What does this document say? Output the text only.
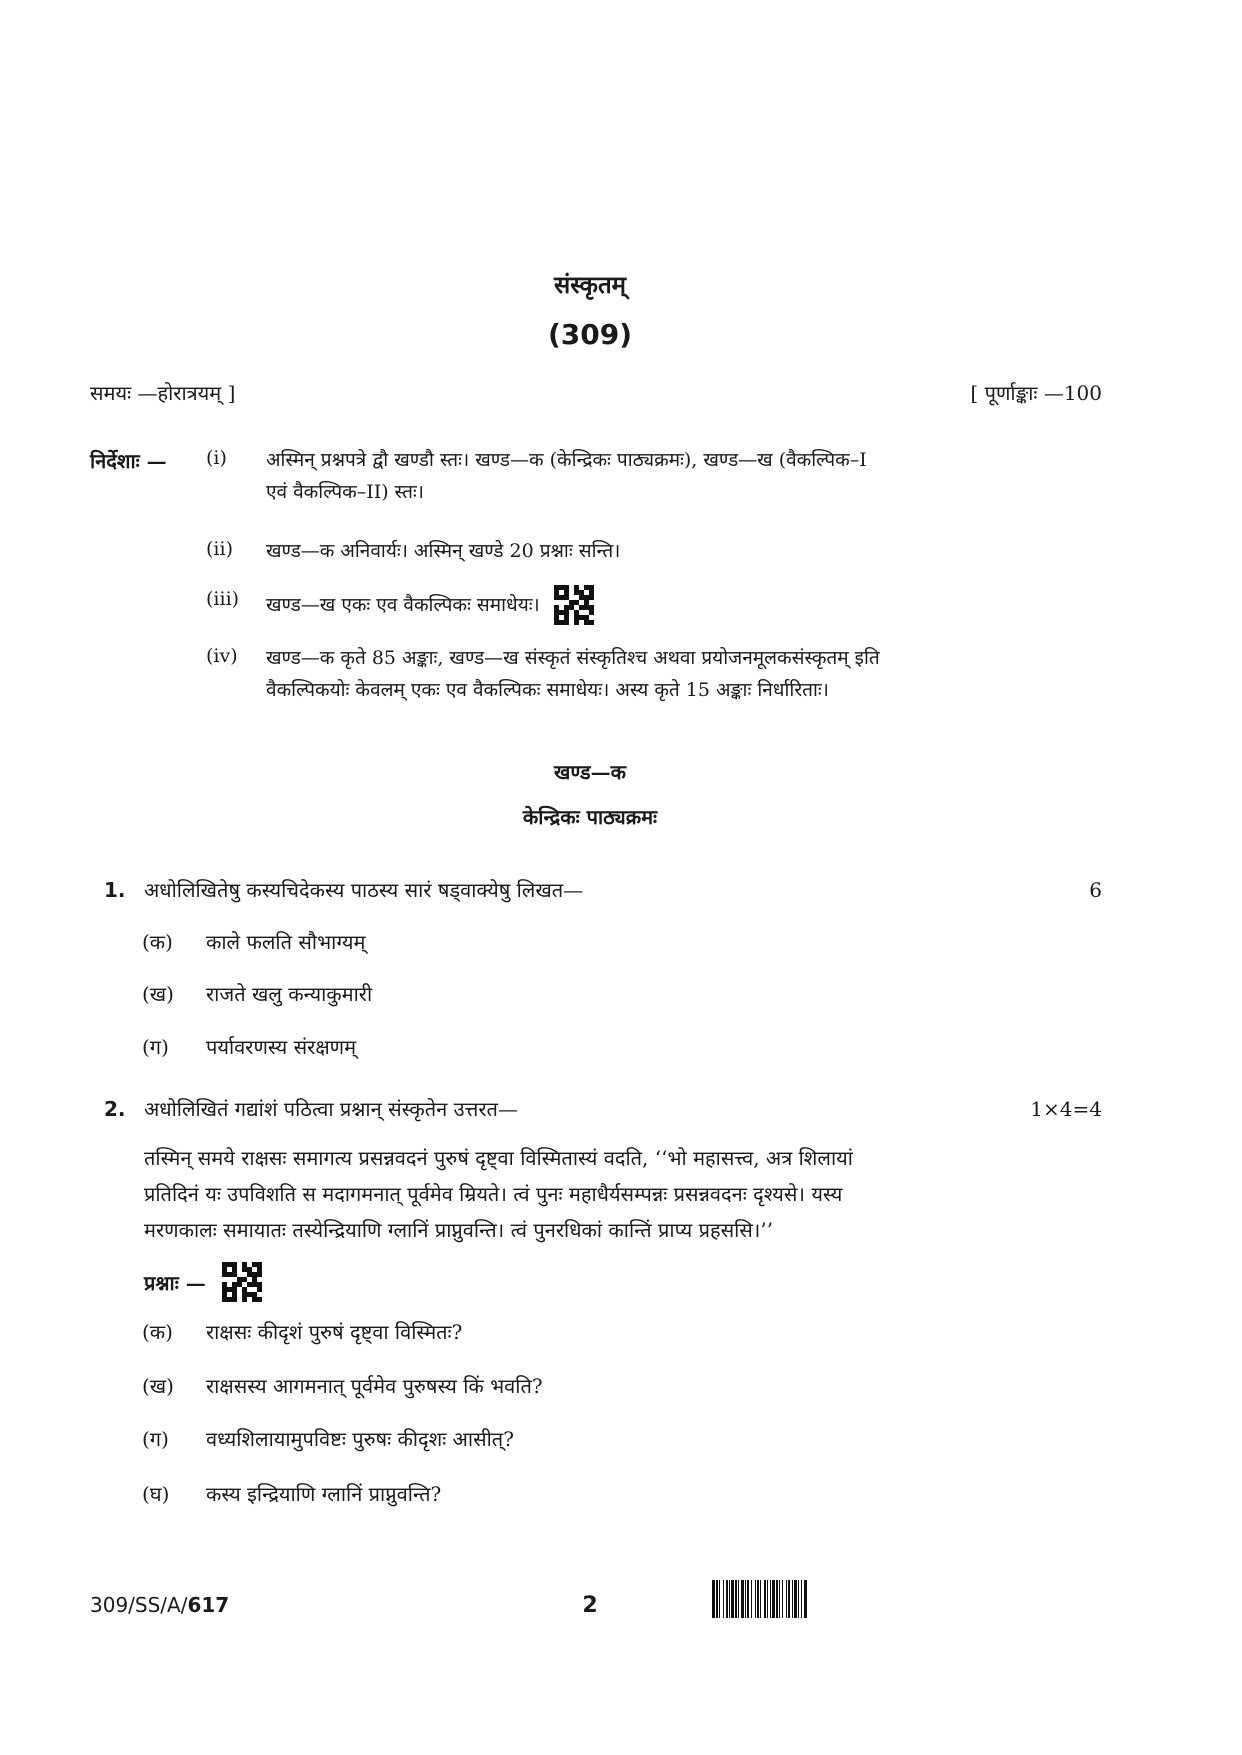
संस्कृतम्
(309)
समयः —होरात्रयम् ]	[ पूर्णाङ्काः —100
निर्देशाः — (i) अस्मिन् प्रश्नपत्रे द्वौ खण्डौ स्तः। खण्ड—क (केन्द्रिकः पाठ्यक्रमः), खण्ड—ख (वैकल्पिक–I
एवं वैकल्पिक–II) स्तः।
(ii) खण्ड—क अनिवार्यः। अस्मिन् खण्डे 20 प्रश्नाः सन्ति।
(iii) खण्ड—ख एकः एव वैकल्पिकः समाधेयः।
(iv) खण्ड—क कृते 85 अङ्काः, खण्ड—ख संस्कृतं संस्कृतिश्च अथवा प्रयोजनमूलकसंस्कृतम् इति
वैकल्पिकयोः केवलम् एकः एव वैकल्पिकः समाधेयः। अस्य कृते 15 अङ्काः निर्धारिताः।
खण्ड—क
केन्द्रिकः पाठ्यक्रमः
1. अधोलिखितेषु कस्यचिदेकस्य पाठस्य सारं षड्वाक्येषु लिखत—	6
(क) काले फलति सौभाग्यम्
(ख) राजते खलु कन्याकुमारी
(ग) पर्यावरणस्य संरक्षणम्
2. अधोलिखितं गद्यांशं पठित्वा प्रश्नान् संस्कृतेन उत्तरत—	1×4=4
तस्मिन् समये राक्षसः समागत्य प्रसन्नवदनं पुरुषं दृष्ट्वा विस्मितास्यं वदति, ‘‘भो महासत्त्व, अत्र शिलायां
प्रतिदिनं यः उपविशति स मदागमनात् पूर्वमेव म्रियते। त्वं पुनः महाधैर्यसम्पन्नः प्रसन्नवदनः दृश्यसे। यस्य
मरणकालः समायातः तस्येन्द्रियाणि ग्लानिं प्राप्नुवन्ति। त्वं पुनरधिकां कान्तिं प्राप्य प्रहससि।’’
प्रश्नाः —
(क) राक्षसः कीदृशं पुरुषं दृष्ट्वा विस्मितः?
(ख) राक्षसस्य आगमनात् पूर्वमेव पुरुषस्य किं भवति?
(ग) वध्यशिलायामुपविष्टः पुरुषः कीदृशः आसीत्?
(घ) कस्य इन्द्रियाणि ग्लानिं प्राप्नुवन्ति?
309/SS/A/617	2
